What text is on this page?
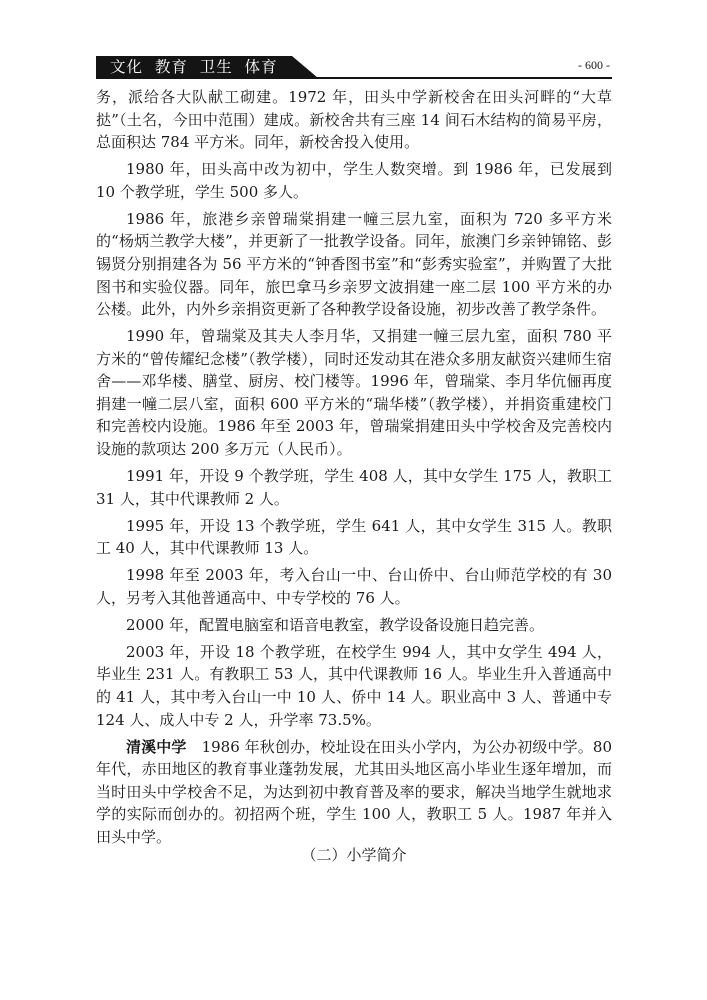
文化  教育  卫生  体育	- 600 -

务，派给各大队献工砌建。1972 年，田头中学新校舍在田头河畔的“大草挞”（土名，今田中范围）建成。新校舍共有三座 14 间石木结构的简易平房，总面积达 784 平方米。同年，新校舍投入使用。

1980 年，田头高中改为初中，学生人数突增。到 1986 年，已发展到 10 个教学班，学生 500 多人。

1986 年，旅港乡亲曾瑞棠捐建一幢三层九室，面积为 720 多平方米的“杨炳兰教学大楼”，并更新了一批教学设备。同年，旅澳门乡亲钟锦铭、彭锡贤分别捐建各为 56 平方米的“钟香图书室”和“彭秀实验室”，并购置了大批图书和实验仪器。同年，旅巴拿马乡亲罗文波捐建一座二层 100 平方米的办公楼。此外，内外乡亲捐资更新了各种教学设备设施，初步改善了教学条件。

1990 年，曾瑞棠及其夫人李月华，又捐建一幢三层九室，面积 780 平方米的“曾传耀纪念楼”（教学楼），同时还发动其在港众多朋友献资兴建师生宿舍——邓华楼、膳堂、厨房、校门楼等。1996 年，曾瑞棠、李月华伉俪再度捐建一幢二层八室，面积 600 平方米的“瑞华楼”（教学楼），并捐资重建校门和完善校内设施。1986 年至 2003 年，曾瑞棠捐建田头中学校舍及完善校内设施的款项达 200 多万元（人民币）。

1991 年，开设 9 个教学班，学生 408 人，其中女学生 175 人，教职工 31 人，其中代课教师 2 人。

1995 年，开设 13 个教学班，学生 641 人，其中女学生 315 人。教职工 40 人，其中代课教师 13 人。

1998 年至 2003 年，考入台山一中、台山侨中、台山师范学校的有 30 人，另考入其他普通高中、中专学校的 76 人。

2000 年，配置电脑室和语音电教室，教学设备设施日趋完善。

2003 年，开设 18 个教学班，在校学生 994 人，其中女学生 494 人，毕业生 231 人。有教职工 53 人，其中代课教师 16 人。毕业生升入普通高中的 41 人，其中考入台山一中 10 人、侨中 14 人。职业高中 3 人、普通中专 124 人、成人中专 2 人，升学率 73.5%。

清溪中学  1986 年秋创办，校址设在田头小学内，为公办初级中学。80 年代，赤田地区的教育事业蓬勃发展，尤其田头地区高小毕业生逐年增加，而当时田头中学校舍不足，为达到初中教育普及率的要求，解决当地学生就地求学的实际而创办的。初招两个班，学生 100 人，教职工 5 人。1987 年并入田头中学。

（二）小学简介
